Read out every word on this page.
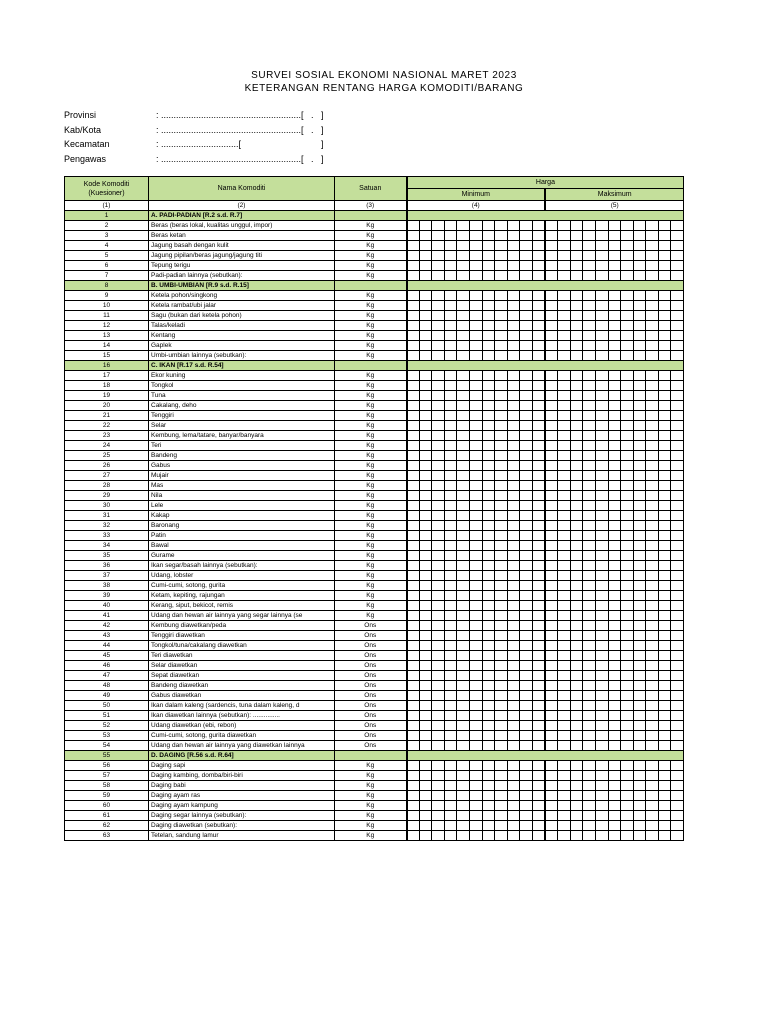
SURVEI SOSIAL EKONOMI NASIONAL MARET 2023
KETERANGAN RENTANG HARGA KOMODITI/BARANG
Provinsi	: ........................................................[   .   ]
Kab/Kota	: ........................................................[   .   ]
Kecamatan	: ...............................[                                ]
Pengawas	: ........................................................[   .   ]
Kode Komoditi (Kuesioner)	Nama Komoditi	Satuan	Harga																					
			Minimum											Maksimum										
(1)	(2)	(3)	(4)											(5)										
1	A. PADI-PADIAN [R.2 s.d. R.7]																							
2	Beras (beras lokal, kualitas unggul, impor)	Kg																						
3	Beras ketan	Kg																						
4	Jagung basah dengan kulit	Kg																						
5	Jagung pipilan/beras jagung/jagung titi	Kg																						
6	Tepung terigu	Kg																						
7	Padi-padian lainnya (sebutkan):	Kg																						
8	B. UMBI-UMBIAN [R.9 s.d. R.15]																							
9	Ketela pohon/singkong	Kg																						
10	Ketela rambat/ubi jalar	Kg																						
11	Sagu (bukan dari ketela pohon)	Kg																						
12	Talas/keladi	Kg																						
13	Kentang	Kg																						
14	Gaplek	Kg																						
15	Umbi-umbian lainnya (sebutkan):	Kg																						
16	C. IKAN [R.17 s.d. R.54]																							
17	Ekor kuning	Kg																						
18	Tongkol	Kg																						
19	Tuna	Kg																						
20	Cakalang, deho	Kg																						
21	Tenggiri	Kg																						
22	Selar	Kg																						
23	Kembung, lema/tatare, banyar/banyara	Kg																						
24	Teri	Kg																						
25	Bandeng	Kg																						
26	Gabus	Kg																						
27	Mujair	Kg																						
28	Mas	Kg																						
29	Nila	Kg																						
30	Lele	Kg																						
31	Kakap	Kg																						
32	Baronang	Kg																						
33	Patin	Kg																						
34	Bawal	Kg																						
35	Gurame	Kg																						
36	Ikan segar/basah lainnya (sebutkan):	Kg																						
37	Udang, lobster	Kg																						
38	Cumi-cumi, sotong, gurita	Kg																						
39	Ketam, kepiting, rajungan	Kg																						
40	Kerang, siput, bekicot, remis	Kg																						
41	Udang dan hewan air lainnya yang segar lainnya (se	Kg																						
42	Kembung diawetkan/peda	Ons																						
43	Tenggiri diawetkan	Ons																						
44	Tongkol/tuna/cakalang diawetkan	Ons																						
45	Teri diawetkan	Ons																						
46	Selar diawetkan	Ons																						
47	Sepat diawetkan	Ons																						
48	Bandeng diawetkan	Ons																						
49	Gabus diawetkan	Ons																						
50	Ikan dalam kaleng (sardencis, tuna dalam kaleng, d	Ons																						
51	Ikan diawetkan lainnya (sebutkan): ...............	Ons																						
52	Udang diawetkan (ebi, rebon)	Ons																						
53	Cumi-cumi, sotong, gurita diawetkan	Ons																						
54	Udang dan hewan air lainnya yang diawetkan lainnya	Ons																						
55	D. DAGING [R.56 s.d. R.64]																							
56	Daging sapi	Kg																						
57	Daging kambing, domba/biri-biri	Kg																						
58	Daging babi	Kg																						
59	Daging ayam ras	Kg																						
60	Daging ayam kampung	Kg																						
61	Daging segar lainnya (sebutkan):	Kg																						
62	Daging diawetkan (sebutkan):	Kg																						
63	Tetelan, sandung lamur	Kg																						
